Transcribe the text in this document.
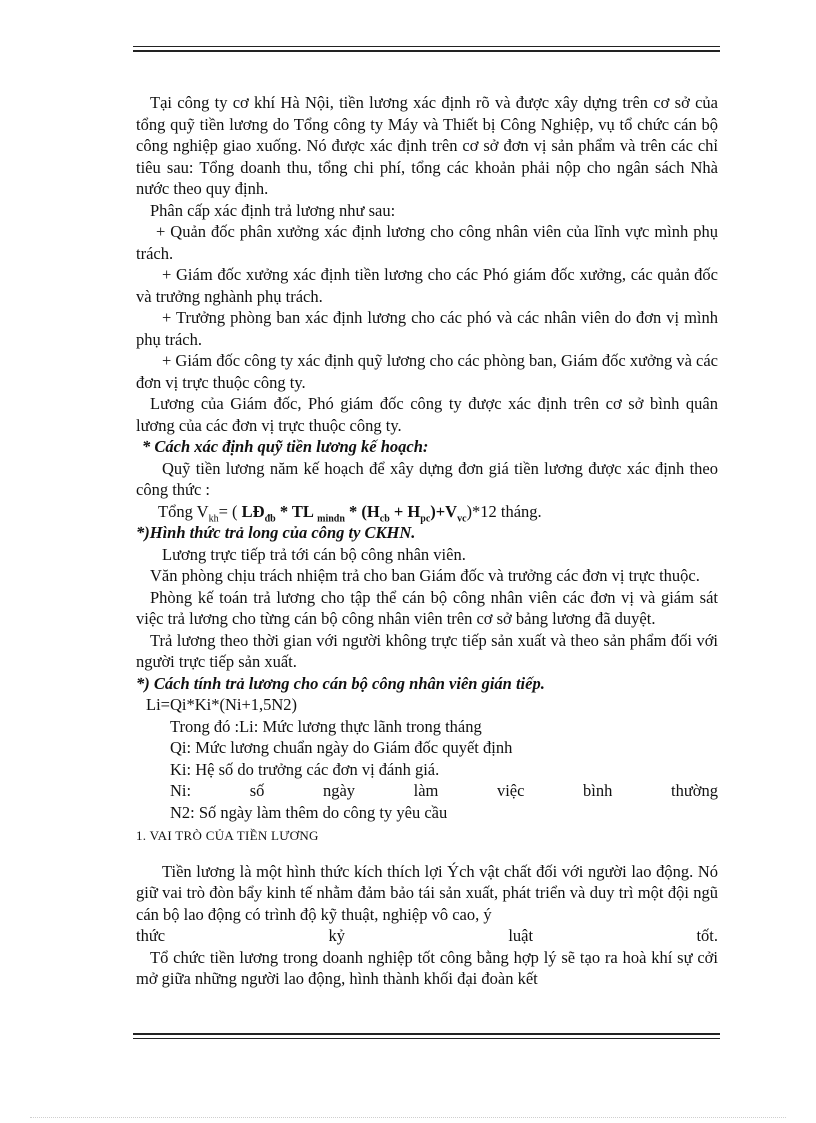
Tại công ty cơ khí Hà Nội, tiền lương xác định rõ và được xây dựng trên cơ sở của tổng quỹ tiền lương do Tổng công ty Máy và Thiết bị Công Nghiệp, vụ tổ chức cán bộ công nghiệp giao xuống. Nó được xác định trên cơ sở đơn vị sản phẩm và trên các chỉ tiêu sau: Tổng doanh thu, tổng chi phí, tổng các khoản phải nộp cho ngân sách Nhà nước theo quy định.

Phân cấp xác định trả lương như sau:

+ Quản đốc phân xưởng xác định lương cho công nhân viên của lĩnh vực mình phụ trách.

+ Giám đốc xưởng xác định tiền lương cho các Phó giám đốc xưởng, các quản đốc và trưởng nghành phụ trách.

+ Trưởng phòng ban xác định lương cho các phó và các nhân viên do đơn vị mình phụ trách.

+ Giám đốc công ty xác định quỹ lương cho các phòng ban, Giám đốc xưởng và các đơn vị trực thuộc công ty.

Lương của Giám đốc, Phó giám đốc công ty được xác định trên cơ sở bình quân lương của các đơn vị trực thuộc công ty.

* Cách xác định quỹ tiền lương kế hoạch:

Quỹ tiền lương năm kế hoạch để xây dựng đơn giá tiền lương được xác định theo công thức :

Tổng $V_{kh}=$ ( $LĐ_{đb}$ * TL $_{mindn} * (H_{cb} + H_{pc})+V_{vc})*12$ tháng.

*)Hình thức trả long của công ty CKHN.

Lương trực tiếp trả tới cán bộ công nhân viên.

Văn phòng chịu trách nhiệm trả cho ban Giám đốc và trưởng các đơn vị trực thuộc.

Phòng kế toán trả lương cho tập thể cán bộ công nhân viên các đơn vị và giám sát việc trả lương cho từng cán bộ công nhân viên trên cơ sở bảng lương đã duyệt.

Trả lương theo thời gian với người không trực tiếp sản xuất và theo sản phẩm đối với người trực tiếp sản xuất.

*) Cách tính trả lương cho cán bộ công nhân viên gián tiếp.

Li=Qi*Ki*(Ni+1,5N2)

Trong đó :Li: Mức lương thực lãnh trong tháng

Qi: Mức lương chuẩn ngày do Giám đốc quyết định

Ki: Hệ số do trưởng các đơn vị đánh giá.

Ni:	số	ngày	làm	việc	bình	thường

N2: Số ngày làm thêm do công ty yêu cầu

1. VAI TRÒ CỦA TIỀN LƯƠNG

Tiền lương là một hình thức kích thích lợi Ých vật chất đối với người lao động. Nó giữ vai trò đòn bẩy kinh tế nhằm đảm bảo tái sản xuất, phát triển và duy trì một đội ngũ cán bộ lao động có trình độ kỹ thuật, nghiệp vô cao, ý

thức	kỷ	luật	tốt.

Tổ chức tiền lương trong doanh nghiệp tốt công bằng hợp lý sẽ tạo ra hoà khí sự cởi mở giữa những người lao động, hình thành khối đại đoàn kết
